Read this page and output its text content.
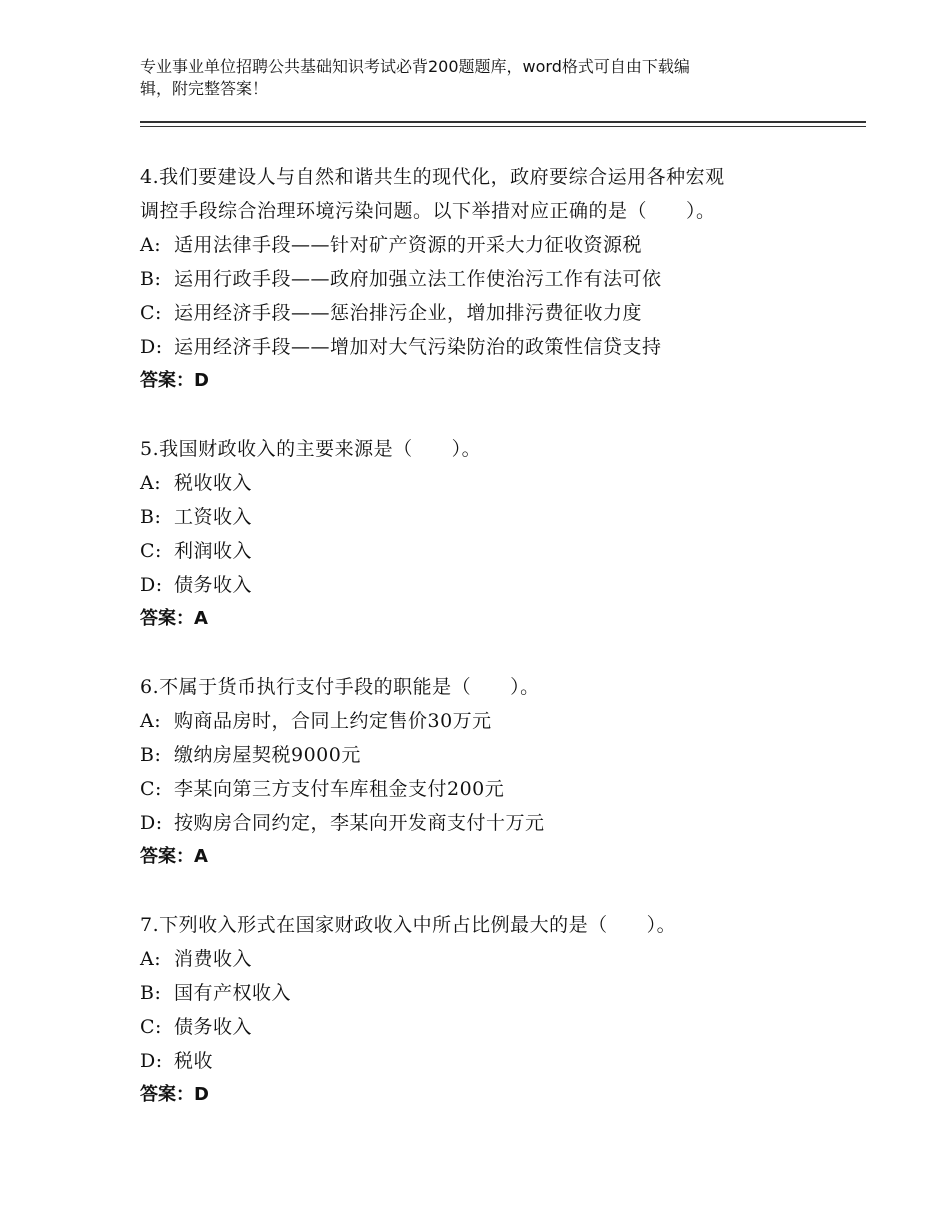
专业事业单位招聘公共基础知识考试必背200题题库，word格式可自由下载编
辑，附完整答案！
4.我们要建设人与自然和谐共生的现代化，政府要综合运用各种宏观
调控手段综合治理环境污染问题。以下举措对应正确的是（　　）。
A: 适用法律手段——针对矿产资源的开采大力征收资源税
B: 运用行政手段——政府加强立法工作使治污工作有法可依
C: 运用经济手段——惩治排污企业，增加排污费征收力度
D: 运用经济手段——增加对大气污染防治的政策性信贷支持
答案：D
5.我国财政收入的主要来源是（　　）。
A: 税收收入
B: 工资收入
C: 利润收入
D: 债务收入
答案：A
6.不属于货币执行支付手段的职能是（　　）。
A: 购商品房时，合同上约定售价30万元
B: 缴纳房屋契税9000元
C: 李某向第三方支付车库租金支付200元
D: 按购房合同约定，李某向开发商支付十万元
答案：A
7.下列收入形式在国家财政收入中所占比例最大的是（　　）。
A: 消费收入
B: 国有产权收入
C: 债务收入
D: 税收
答案：D
